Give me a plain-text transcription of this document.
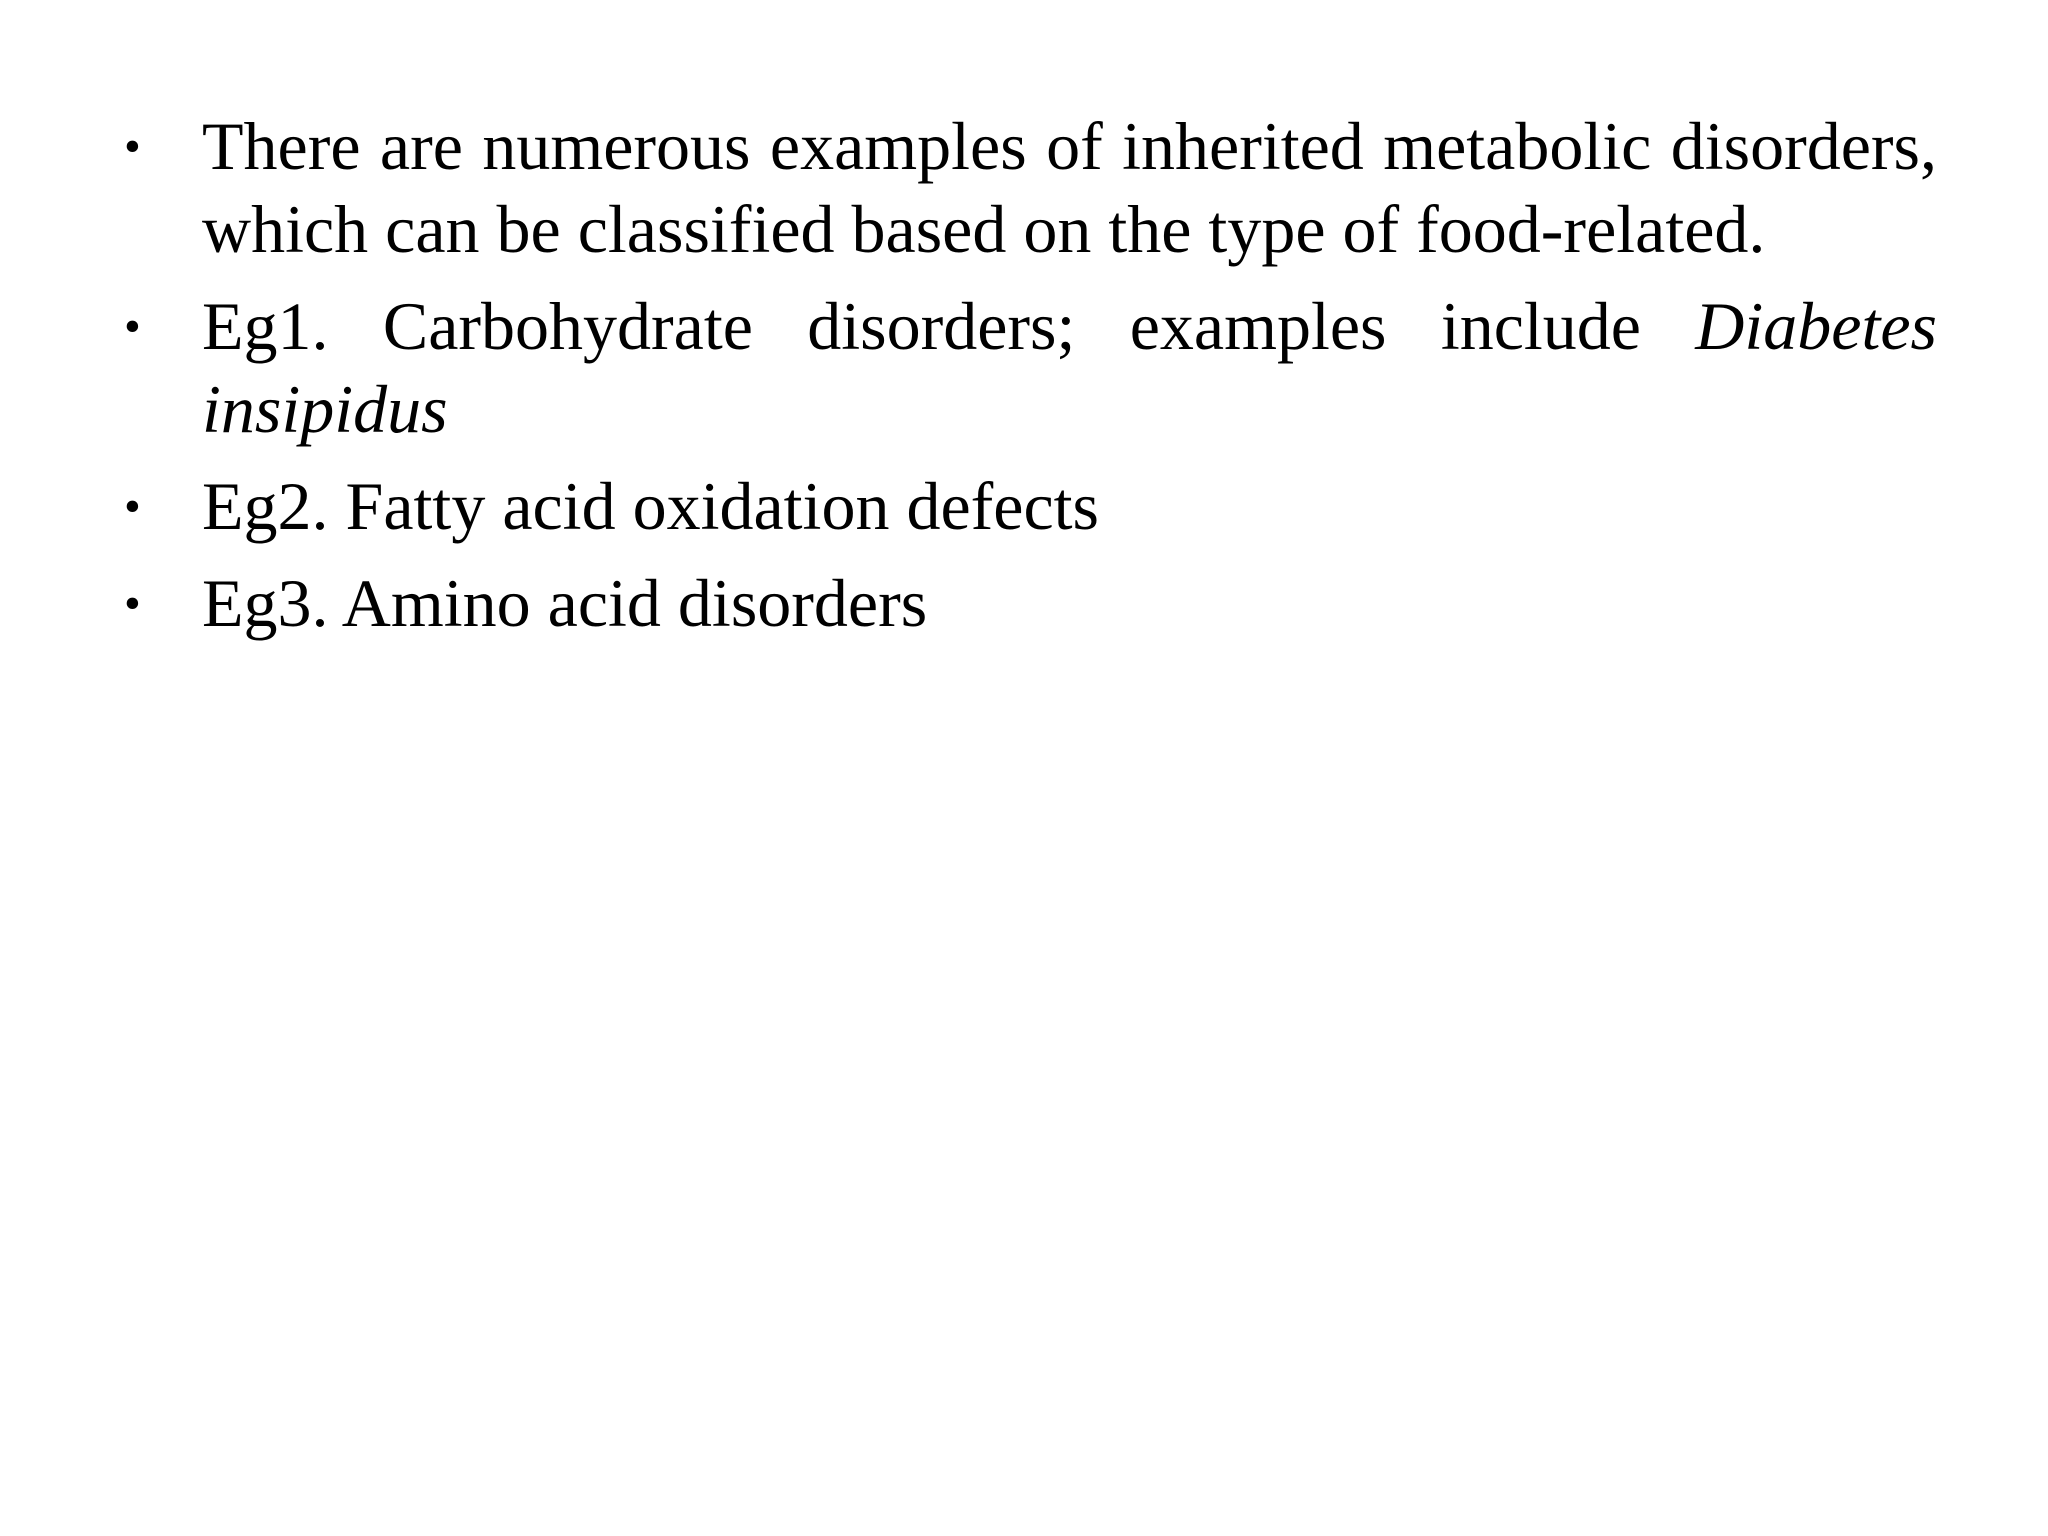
• There are numerous examples of inherited metabolic disorders, which can be classified based on the type of food-related.
• Eg1. Carbohydrate disorders; examples include Diabetes insipidus
• Eg2. Fatty acid oxidation defects
• Eg3. Amino acid disorders
